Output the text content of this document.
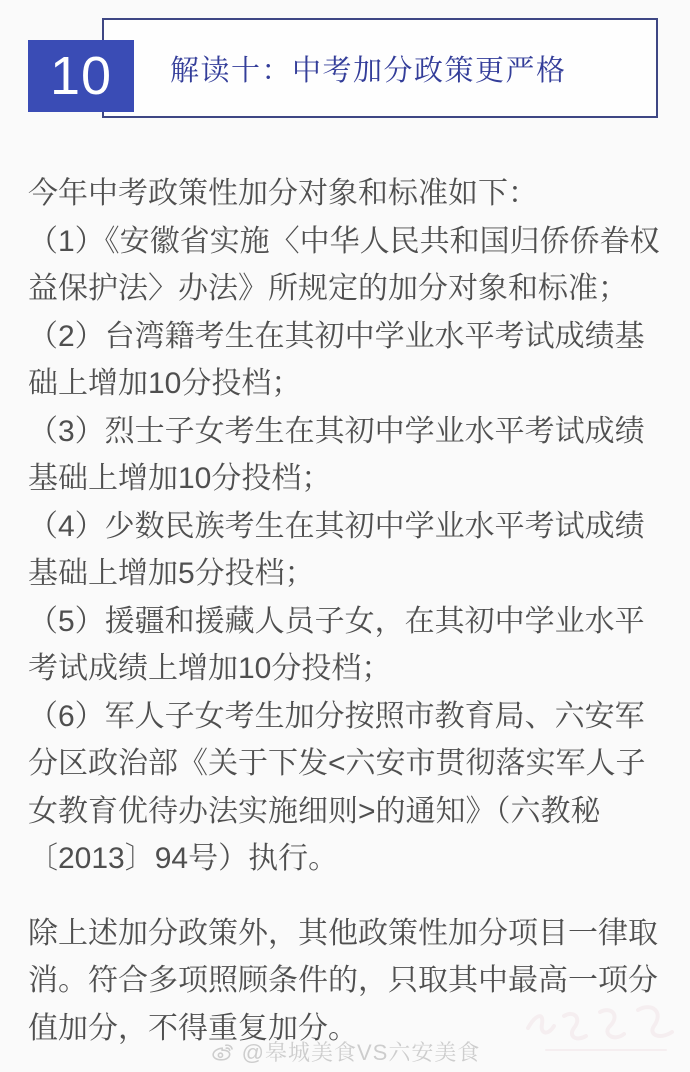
解读十：中考加分政策更严格
10

今年中考政策性加分对象和标准如下：

（1）《安徽省实施〈中华人民共和国归侨侨眷权

益保护法〉办法》所规定的加分对象和标准；

（2）台湾籍考生在其初中学业水平考试成绩基

础上增加10分投档；

（3）烈士子女考生在其初中学业水平考试成绩

基础上增加10分投档；

（4）少数民族考生在其初中学业水平考试成绩

基础上增加5分投档；

（5）援疆和援藏人员子女，在其初中学业水平

考试成绩上增加10分投档；

（6）军人子女考生加分按照市教育局、六安军

分区政治部《关于下发<六安市贯彻落实军人子

女教育优待办法实施细则>的通知》（六教秘

〔2013〕94号）执行。

除上述加分政策外，其他政策性加分项目一律取

消。符合多项照顾条件的，只取其中最高一项分

值加分，不得重复加分。

@皋城美食VS六安美食
